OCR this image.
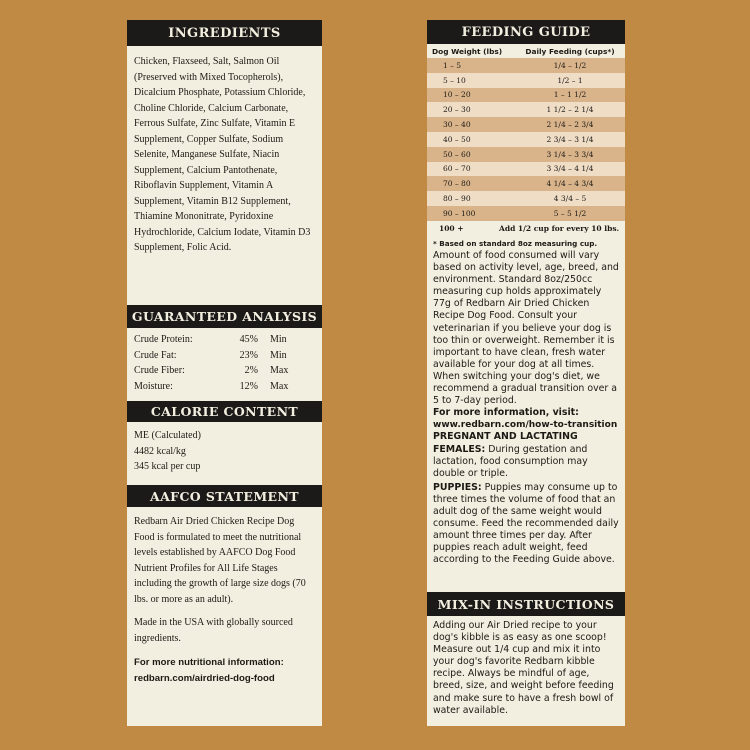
INGREDIENTS

Chicken, Flaxseed, Salt, Salmon Oil (Preserved with Mixed Tocopherols), Dicalcium Phosphate, Potassium Chloride, Choline Chloride, Calcium Carbonate, Ferrous Sulfate, Zinc Sulfate, Vitamin E Supplement, Copper Sulfate, Sodium Selenite, Manganese Sulfate, Niacin Supplement, Calcium Pantothenate, Riboflavin Supplement, Vitamin A Supplement, Vitamin B12 Supplement, Thiamine Mononitrate, Pyridoxine Hydrochloride, Calcium Iodate, Vitamin D3 Supplement, Folic Acid.

GUARANTEED ANALYSIS
Crude Protein:	45%	Min
Crude Fat:	23%	Min
Crude Fiber:	2%	Max
Moisture:	12%	Max
CALORIE CONTENT

ME (Calculated)

4482 kcal/kg

345 kcal per cup

AAFCO STATEMENT

Redbarn Air Dried Chicken Recipe Dog Food is formulated to meet the nutritional levels established by AAFCO Dog Food Nutrient Profiles for All Life Stages including the growth of large size dogs (70 lbs. or more as an adult).

Made in the USA with globally sourced ingredients.

For more nutritional information:

redbarn.com/airdried-dog-food

FEEDING GUIDE
Dog Weight (lbs)	Daily Feeding (cups*)
1 – 5	1/4 – 1/2
5 – 10	1/2 – 1
10 – 20	1 – 1 1/2
20 – 30	1 1/2 – 2 1/4
30 – 40	2 1/4 – 2 3/4
40 – 50	2 3/4 – 3 1/4
50 – 60	3 1/4 – 3 3/4
60 – 70	3 3/4 – 4 1/4
70 – 80	4 1/4 – 4 3/4
80 – 90	4 3/4 – 5
90 – 100	5 – 5 1/2
100 +	Add 1/2 cup for every 10 lbs.

* Based on standard 8oz measuring cup.

Amount of food consumed will vary based on activity level, age, breed, and environment. Standard 8oz/250cc measuring cup holds approximately 77g of Redbarn Air Dried Chicken Recipe Dog Food. Consult your veterinarian if you believe your dog is too thin or overweight. Remember it is important to have clean, fresh water available for your dog at all times. When switching your dog's diet, we recommend a gradual transition over a 5 to 7-day period.

For more information, visit:

www.redbarn.com/how-to-transition

PREGNANT AND LACTATING FEMALES: During gestation and lactation, food consumption may double or triple.

PUPPIES: Puppies may consume up to three times the volume of food that an adult dog of the same weight would consume. Feed the recommended daily amount three times per day. After puppies reach adult weight, feed according to the Feeding Guide above.

MIX-IN INSTRUCTIONS

Adding our Air Dried recipe to your dog's kibble is as easy as one scoop! Measure out 1/4 cup and mix it into your dog's favorite Redbarn kibble recipe. Always be mindful of age, breed, size, and weight before feeding and make sure to have a fresh bowl of water available.
